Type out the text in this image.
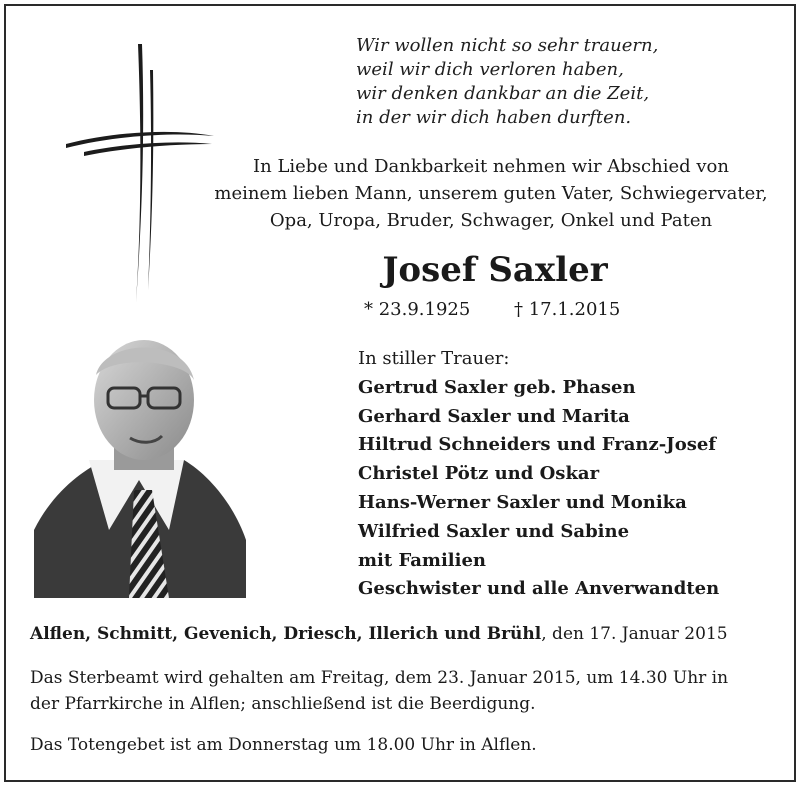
Wir wollen nicht so sehr trauern,
weil wir dich verloren haben,
wir denken dankbar an die Zeit,
in der wir dich haben durften.
In Liebe und Dankbarkeit nehmen wir Abschied von
meinem lieben Mann, unserem guten Vater, Schwiegervater,
Opa, Uropa, Bruder, Schwager, Onkel und Paten
Josef Saxler
* 23.9.1925 † 17.1.2015
In stiller Trauer:
Gertrud Saxler geb. Phasen
Gerhard Saxler und Marita
Hiltrud Schneiders und Franz-Josef
Christel Pötz und Oskar
Hans-Werner Saxler und Monika
Wilfried Saxler und Sabine
mit Familien
Geschwister und alle Anverwandten
Alflen, Schmitt, Gevenich, Driesch, Illerich und Brühl, den 17. Januar 2015
Das Sterbeamt wird gehalten am Freitag, dem 23. Januar 2015, um 14.30 Uhr in
der Pfarrkirche in Alflen; anschließend ist die Beerdigung.
Das Totengebet ist am Donnerstag um 18.00 Uhr in Alflen.
